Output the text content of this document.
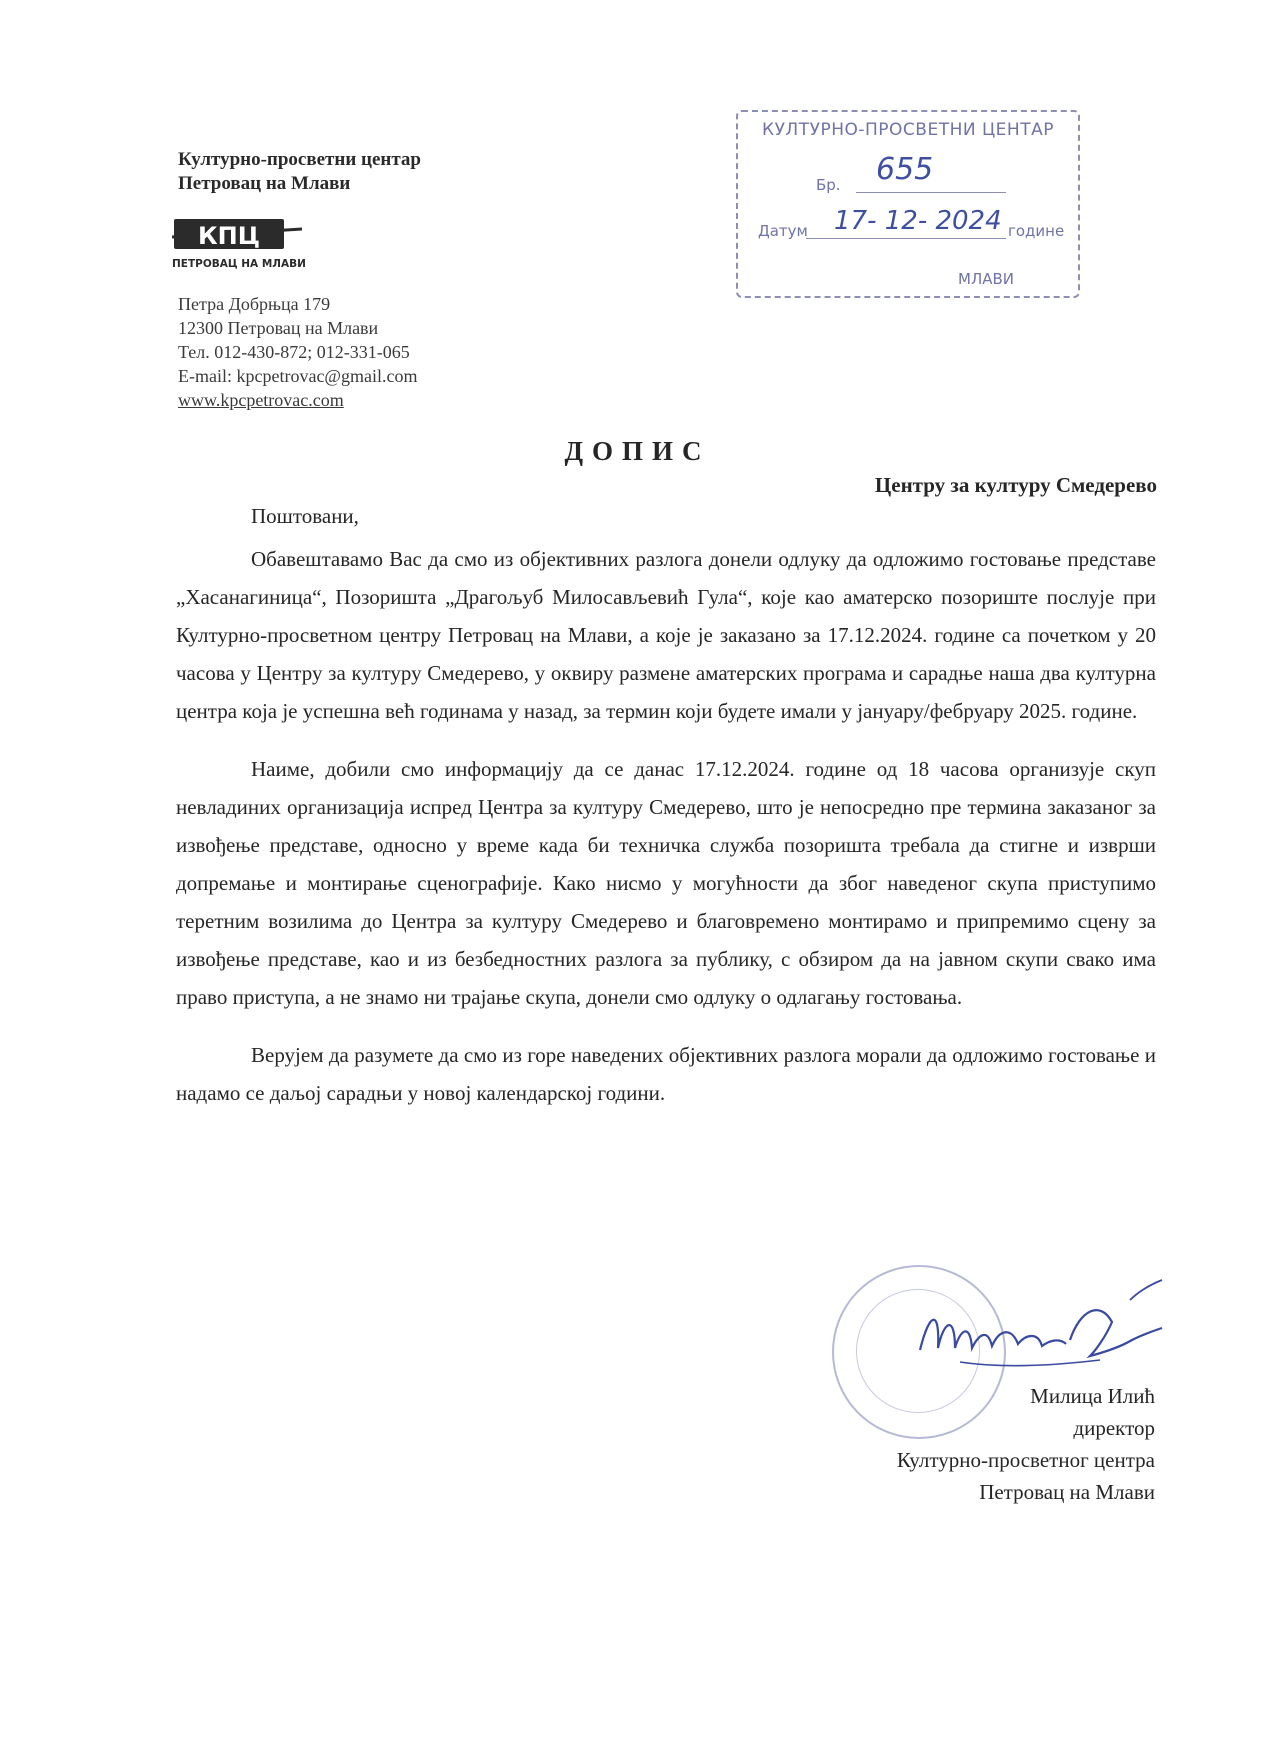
Културно-просветни центар
Петровац на Млави
КПЦ
ПЕТРОВАЦ НА МЛАВИ
Петра Добрњца 179
12300 Петровац на Млави
Тел. 012-430-872; 012-331-065
E-mail: kpcpetrovac@gmail.com
www.kpcpetrovac.com
КУЛТУРНО-ПРОСВЕТНИ ЦЕНТАР
Бр. 655
Датум 17- 12- 2024 године
МЛАВИ
ДОПИС
Центру за културу Смедерево
Поштовани,

Обавештавамо Вас да смо из објективних разлога донели одлуку да одложимо гостовање представе „Хасанагиница“, Позоришта „Драгољуб Милосављевић Гула“, које као аматерско позориште послује при Културно-просветном центру Петровац на Млави, а које је заказано за 17.12.2024. године са почетком у 20 часова у Центру за културу Смедерево, у оквиру размене аматерских програма и сарадње наша два културна центра која је успешна већ годинама у назад, за термин који будете имали у јануару/фебруару 2025. године.

Наиме, добили смо информацију да се данас 17.12.2024. године од 18 часова организује скуп невладиних организација испред Центра за културу Смедерево, што је непосредно пре термина заказаног за извођење представе, односно у време када би техничка служба позоришта требала да стигне и изврши допремање и монтирање сценографије. Како нисмо у могућности да због наведеног скупа приступимо теретним возилима до Центра за културу Смедерево и благовремено монтирамо и припремимо сцену за извођење представе, као и из безбедностних разлога за публику, с обзиром да на јавном скупи свако има право приступа, а не знамо ни трајање скупа, донели смо одлуку о одлагању гостовања.

Верујем да разумете да смо из горе наведених објективних разлога морали да одложимо гостовање и надамо се даљој сарадњи у новој календарској години.

Милица Илић
директор
Културно-просветног центра
Петровац на Млави
